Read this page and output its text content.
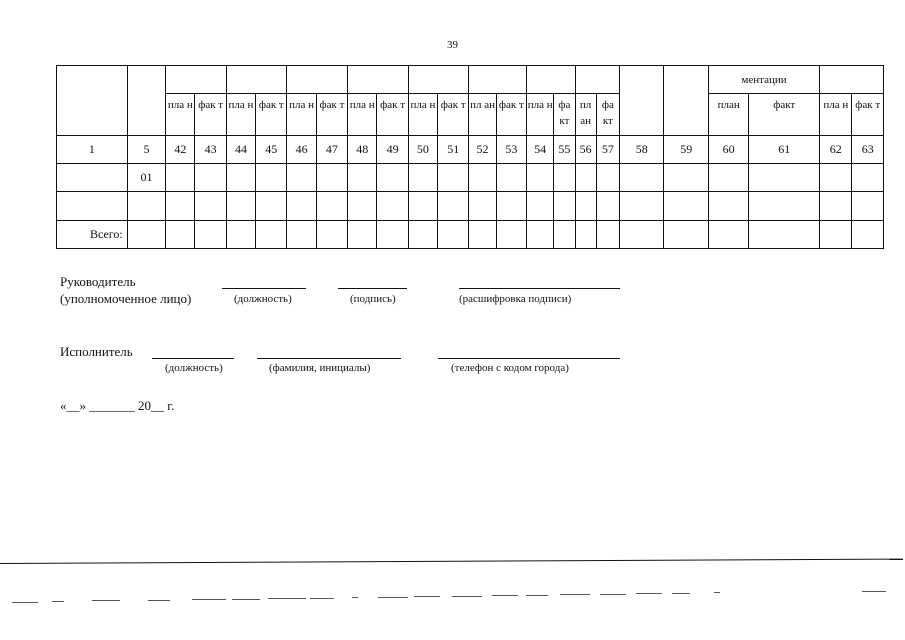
39
																				ментации			
		пла н	фак т	пла н	фак т	пла н	фак т	пла н	фак т	пла н	фак т	пл ан	фак т	пла н	фа кт	пл ан	фа кт			план	факт	пла н	фак т
1	5	42	43	44	45	46	47	48	49	50	51	52	53	54	55	56	57	58	59	60	61	62	63
	01																						

Всего:																							
Руководитель
(уполномоченное лицо)	(должность)	(подпись)	(расшифровка подписи)
Исполнитель
(должность)	(фамилия, инициалы)	(телефон с кодом города)
«__» _______ 20__ г.
